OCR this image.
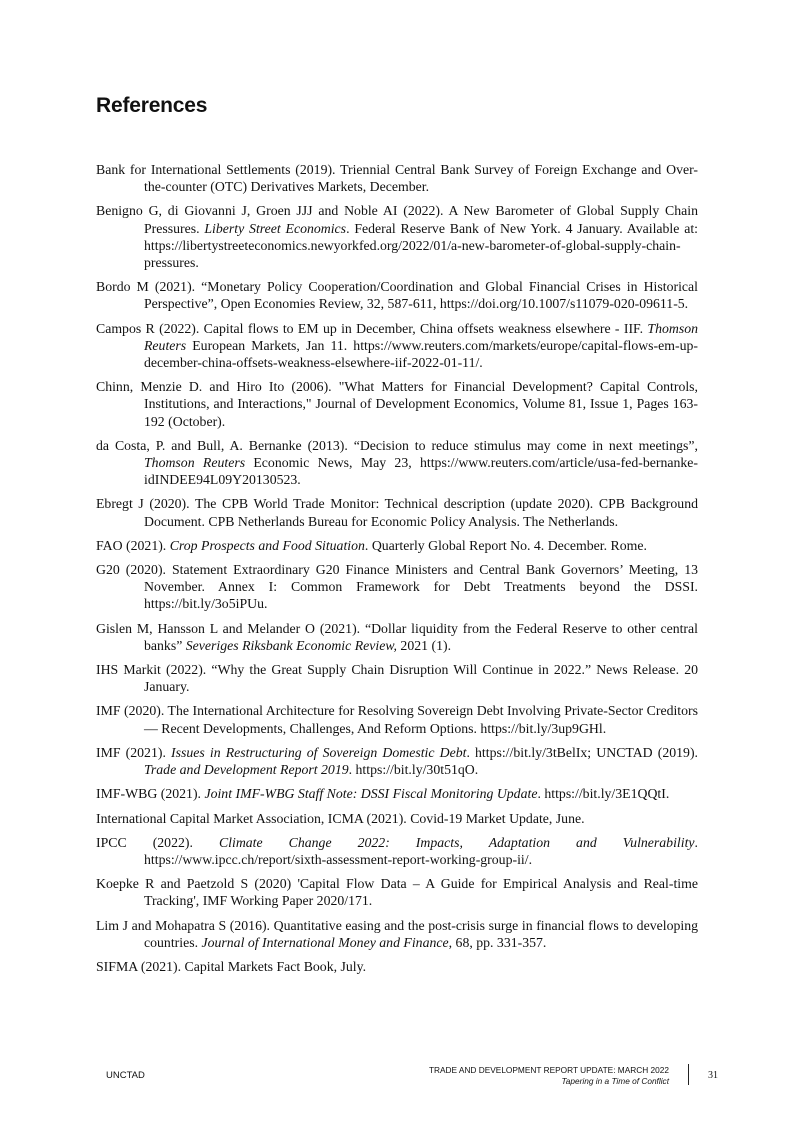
References
Bank for International Settlements (2019). Triennial Central Bank Survey of Foreign Exchange and Over-the-counter (OTC) Derivatives Markets, December.
Benigno G, di Giovanni J, Groen JJJ and Noble AI (2022). A New Barometer of Global Supply Chain Pressures. Liberty Street Economics. Federal Reserve Bank of New York. 4 January. Available at: https://libertystreeteconomics.newyorkfed.org/2022/01/a-new-barometer-of-global-supply-chain-pressures.
Bordo M (2021). “Monetary Policy Cooperation/Coordination and Global Financial Crises in Historical Perspective”, Open Economies Review, 32, 587-611, https://doi.org/10.1007/s11079-020-09611-5.
Campos R (2022). Capital flows to EM up in December, China offsets weakness elsewhere - IIF. Thomson Reuters European Markets, Jan 11. https://www.reuters.com/markets/europe/capital-flows-em-up-december-china-offsets-weakness-elsewhere-iif-2022-01-11/.
Chinn, Menzie D. and Hiro Ito (2006). "What Matters for Financial Development? Capital Controls, Institutions, and Interactions," Journal of Development Economics, Volume 81, Issue 1, Pages 163-192 (October).
da Costa, P. and Bull, A. Bernanke (2013). “Decision to reduce stimulus may come in next meetings”, Thomson Reuters Economic News, May 23, https://www.reuters.com/article/usa-fed-bernanke-idINDEE94L09Y20130523.
Ebregt J (2020). The CPB World Trade Monitor: Technical description (update 2020). CPB Background Document. CPB Netherlands Bureau for Economic Policy Analysis. The Netherlands.
FAO (2021). Crop Prospects and Food Situation. Quarterly Global Report No. 4. December. Rome.
G20 (2020). Statement Extraordinary G20 Finance Ministers and Central Bank Governors’ Meeting, 13 November. Annex I: Common Framework for Debt Treatments beyond the DSSI. https://bit.ly/3o5iPUu.
Gislen M, Hansson L and Melander O (2021). “Dollar liquidity from the Federal Reserve to other central banks” Severiges Riksbank Economic Review, 2021 (1).
IHS Markit (2022). “Why the Great Supply Chain Disruption Will Continue in 2022.” News Release. 20 January.
IMF (2020). The International Architecture for Resolving Sovereign Debt Involving Private-Sector Creditors — Recent Developments, Challenges, And Reform Options. https://bit.ly/3up9GHl.
IMF (2021). Issues in Restructuring of Sovereign Domestic Debt. https://bit.ly/3tBelIx; UNCTAD (2019). Trade and Development Report 2019. https://bit.ly/30t51qO.
IMF-WBG (2021). Joint IMF-WBG Staff Note: DSSI Fiscal Monitoring Update. https://bit.ly/3E1QQtI.
International Capital Market Association, ICMA (2021). Covid-19 Market Update, June.
IPCC (2022). Climate Change 2022: Impacts, Adaptation and Vulnerability. https://www.ipcc.ch/report/sixth-assessment-report-working-group-ii/.
Koepke R and Paetzold S (2020) 'Capital Flow Data – A Guide for Empirical Analysis and Real-time Tracking', IMF Working Paper 2020/171.
Lim J and Mohapatra S (2016). Quantitative easing and the post-crisis surge in financial flows to developing countries. Journal of International Money and Finance, 68, pp. 331-357.
SIFMA (2021). Capital Markets Fact Book, July.
UNCTAD	TRADE AND DEVELOPMENT REPORT UPDATE: MARCH 2022
Tapering in a Time of Conflict	31
